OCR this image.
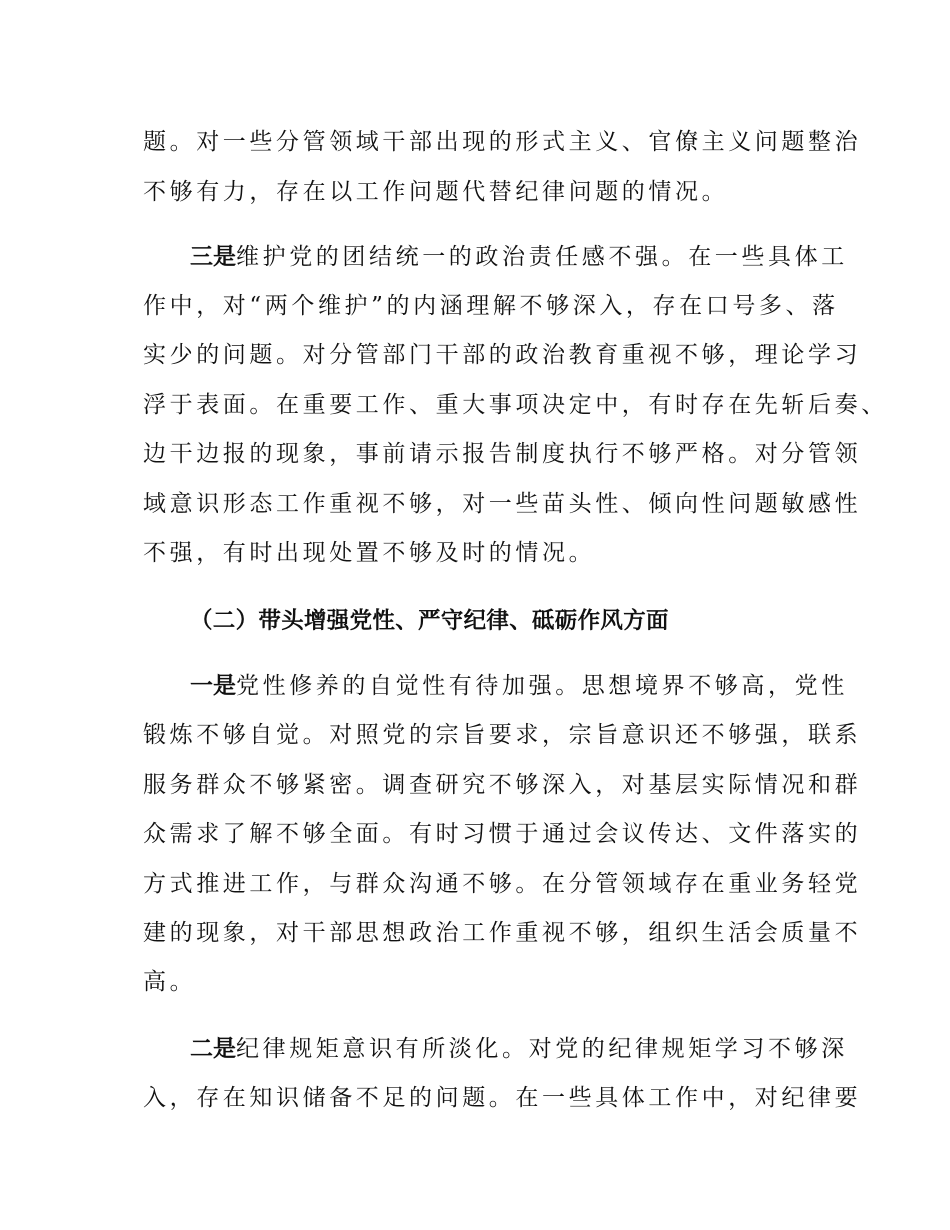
题。对一些分管领域干部出现的形式主义、官僚主义问题整治

不够有力，存在以工作问题代替纪律问题的情况。

三是维护党的团结统一的政治责任感不强。在一些具体工

作中，对“两个维护”的内涵理解不够深入，存在口号多、落

实少的问题。对分管部门干部的政治教育重视不够，理论学习

浮于表面。在重要工作、重大事项决定中，有时存在先斩后奏、

边干边报的现象，事前请示报告制度执行不够严格。对分管领

域意识形态工作重视不够，对一些苗头性、倾向性问题敏感性

不强，有时出现处置不够及时的情况。

（二）带头增强党性、严守纪律、砥砺作风方面

一是党性修养的自觉性有待加强。思想境界不够高，党性

锻炼不够自觉。对照党的宗旨要求，宗旨意识还不够强，联系

服务群众不够紧密。调查研究不够深入，对基层实际情况和群

众需求了解不够全面。有时习惯于通过会议传达、文件落实的

方式推进工作，与群众沟通不够。在分管领域存在重业务轻党

建的现象，对干部思想政治工作重视不够，组织生活会质量不

高。

二是纪律规矩意识有所淡化。对党的纪律规矩学习不够深

入，存在知识储备不足的问题。在一些具体工作中，对纪律要
